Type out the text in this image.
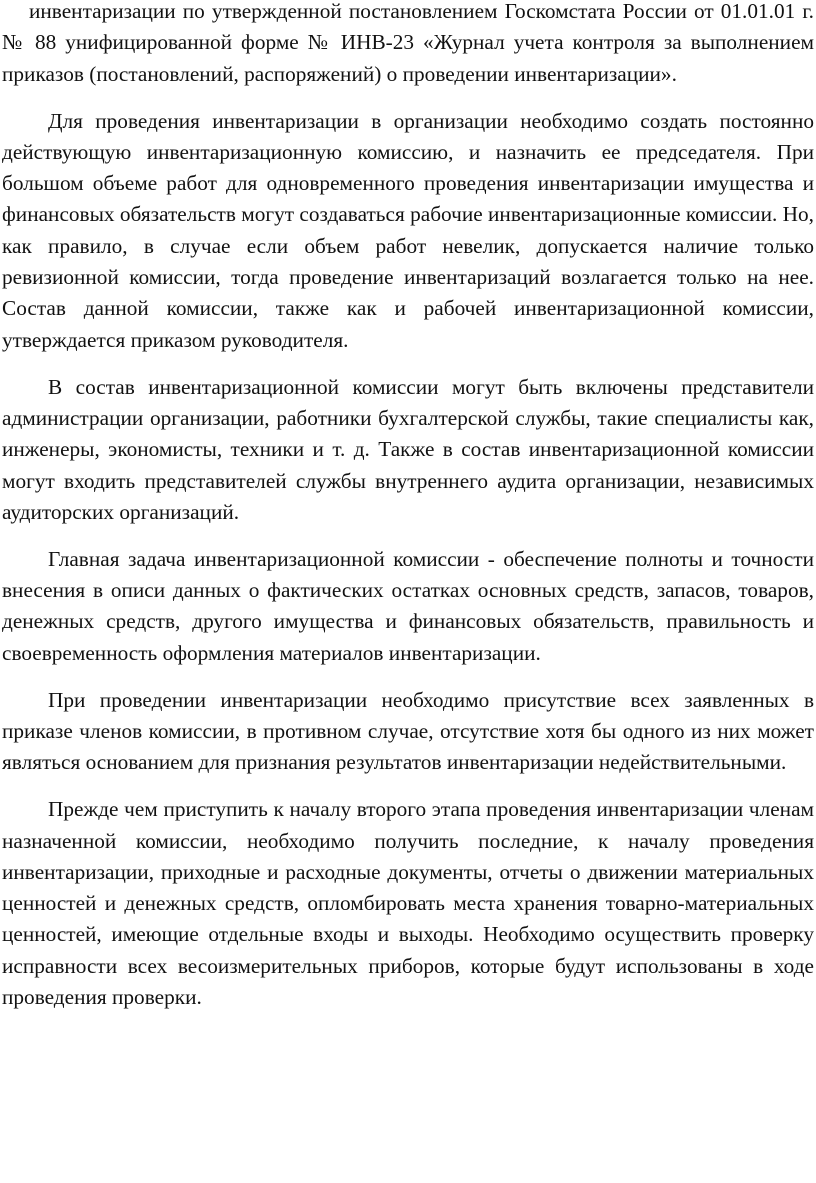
инвентаризации по утвержденной постановлением Госкомстата России от 01.01.01 г. № 88 унифицированной форме № ИНВ-23 «Журнал учета контроля за выполнением приказов (постановлений, распоряжений) о проведении инвентаризации».

Для проведения инвентаризации в организации необходимо создать постоянно действующую инвентаризационную комиссию, и назначить ее председателя. При большом объеме работ для одновременного проведения инвентаризации имущества и финансовых обязательств могут создаваться рабочие инвентаризационные комиссии. Но, как правило, в случае если объем работ невелик, допускается наличие только ревизионной комиссии, тогда проведение инвентаризаций возлагается только на нее. Состав данной комиссии, также как и рабочей инвентаризационной комиссии, утверждается приказом руководителя.

В состав инвентаризационной комиссии могут быть включены представители администрации организации, работники бухгалтерской службы, такие специалисты как, инженеры, экономисты, техники и т. д. Также в состав инвентаризационной комиссии могут входить представителей службы внутреннего аудита организации, независимых аудиторских организаций.

Главная задача инвентаризационной комиссии - обеспечение полноты и точности внесения в описи данных о фактических остатках основных средств, запасов, товаров, денежных средств, другого имущества и финансовых обязательств, правильность и своевременность оформления материалов инвентаризации.

При проведении инвентаризации необходимо присутствие всех заявленных в приказе членов комиссии, в противном случае, отсутствие хотя бы одного из них может являться основанием для признания результатов инвентаризации недействительными.

Прежде чем приступить к началу второго этапа проведения инвентаризации членам назначенной комиссии, необходимо получить последние, к началу проведения инвентаризации, приходные и расходные документы, отчеты о движении материальных ценностей и денежных средств, опломбировать места хранения товарно-материальных ценностей, имеющие отдельные входы и выходы. Необходимо осуществить проверку исправности всех весоизмерительных приборов, которые будут использованы в ходе проведения проверки.
